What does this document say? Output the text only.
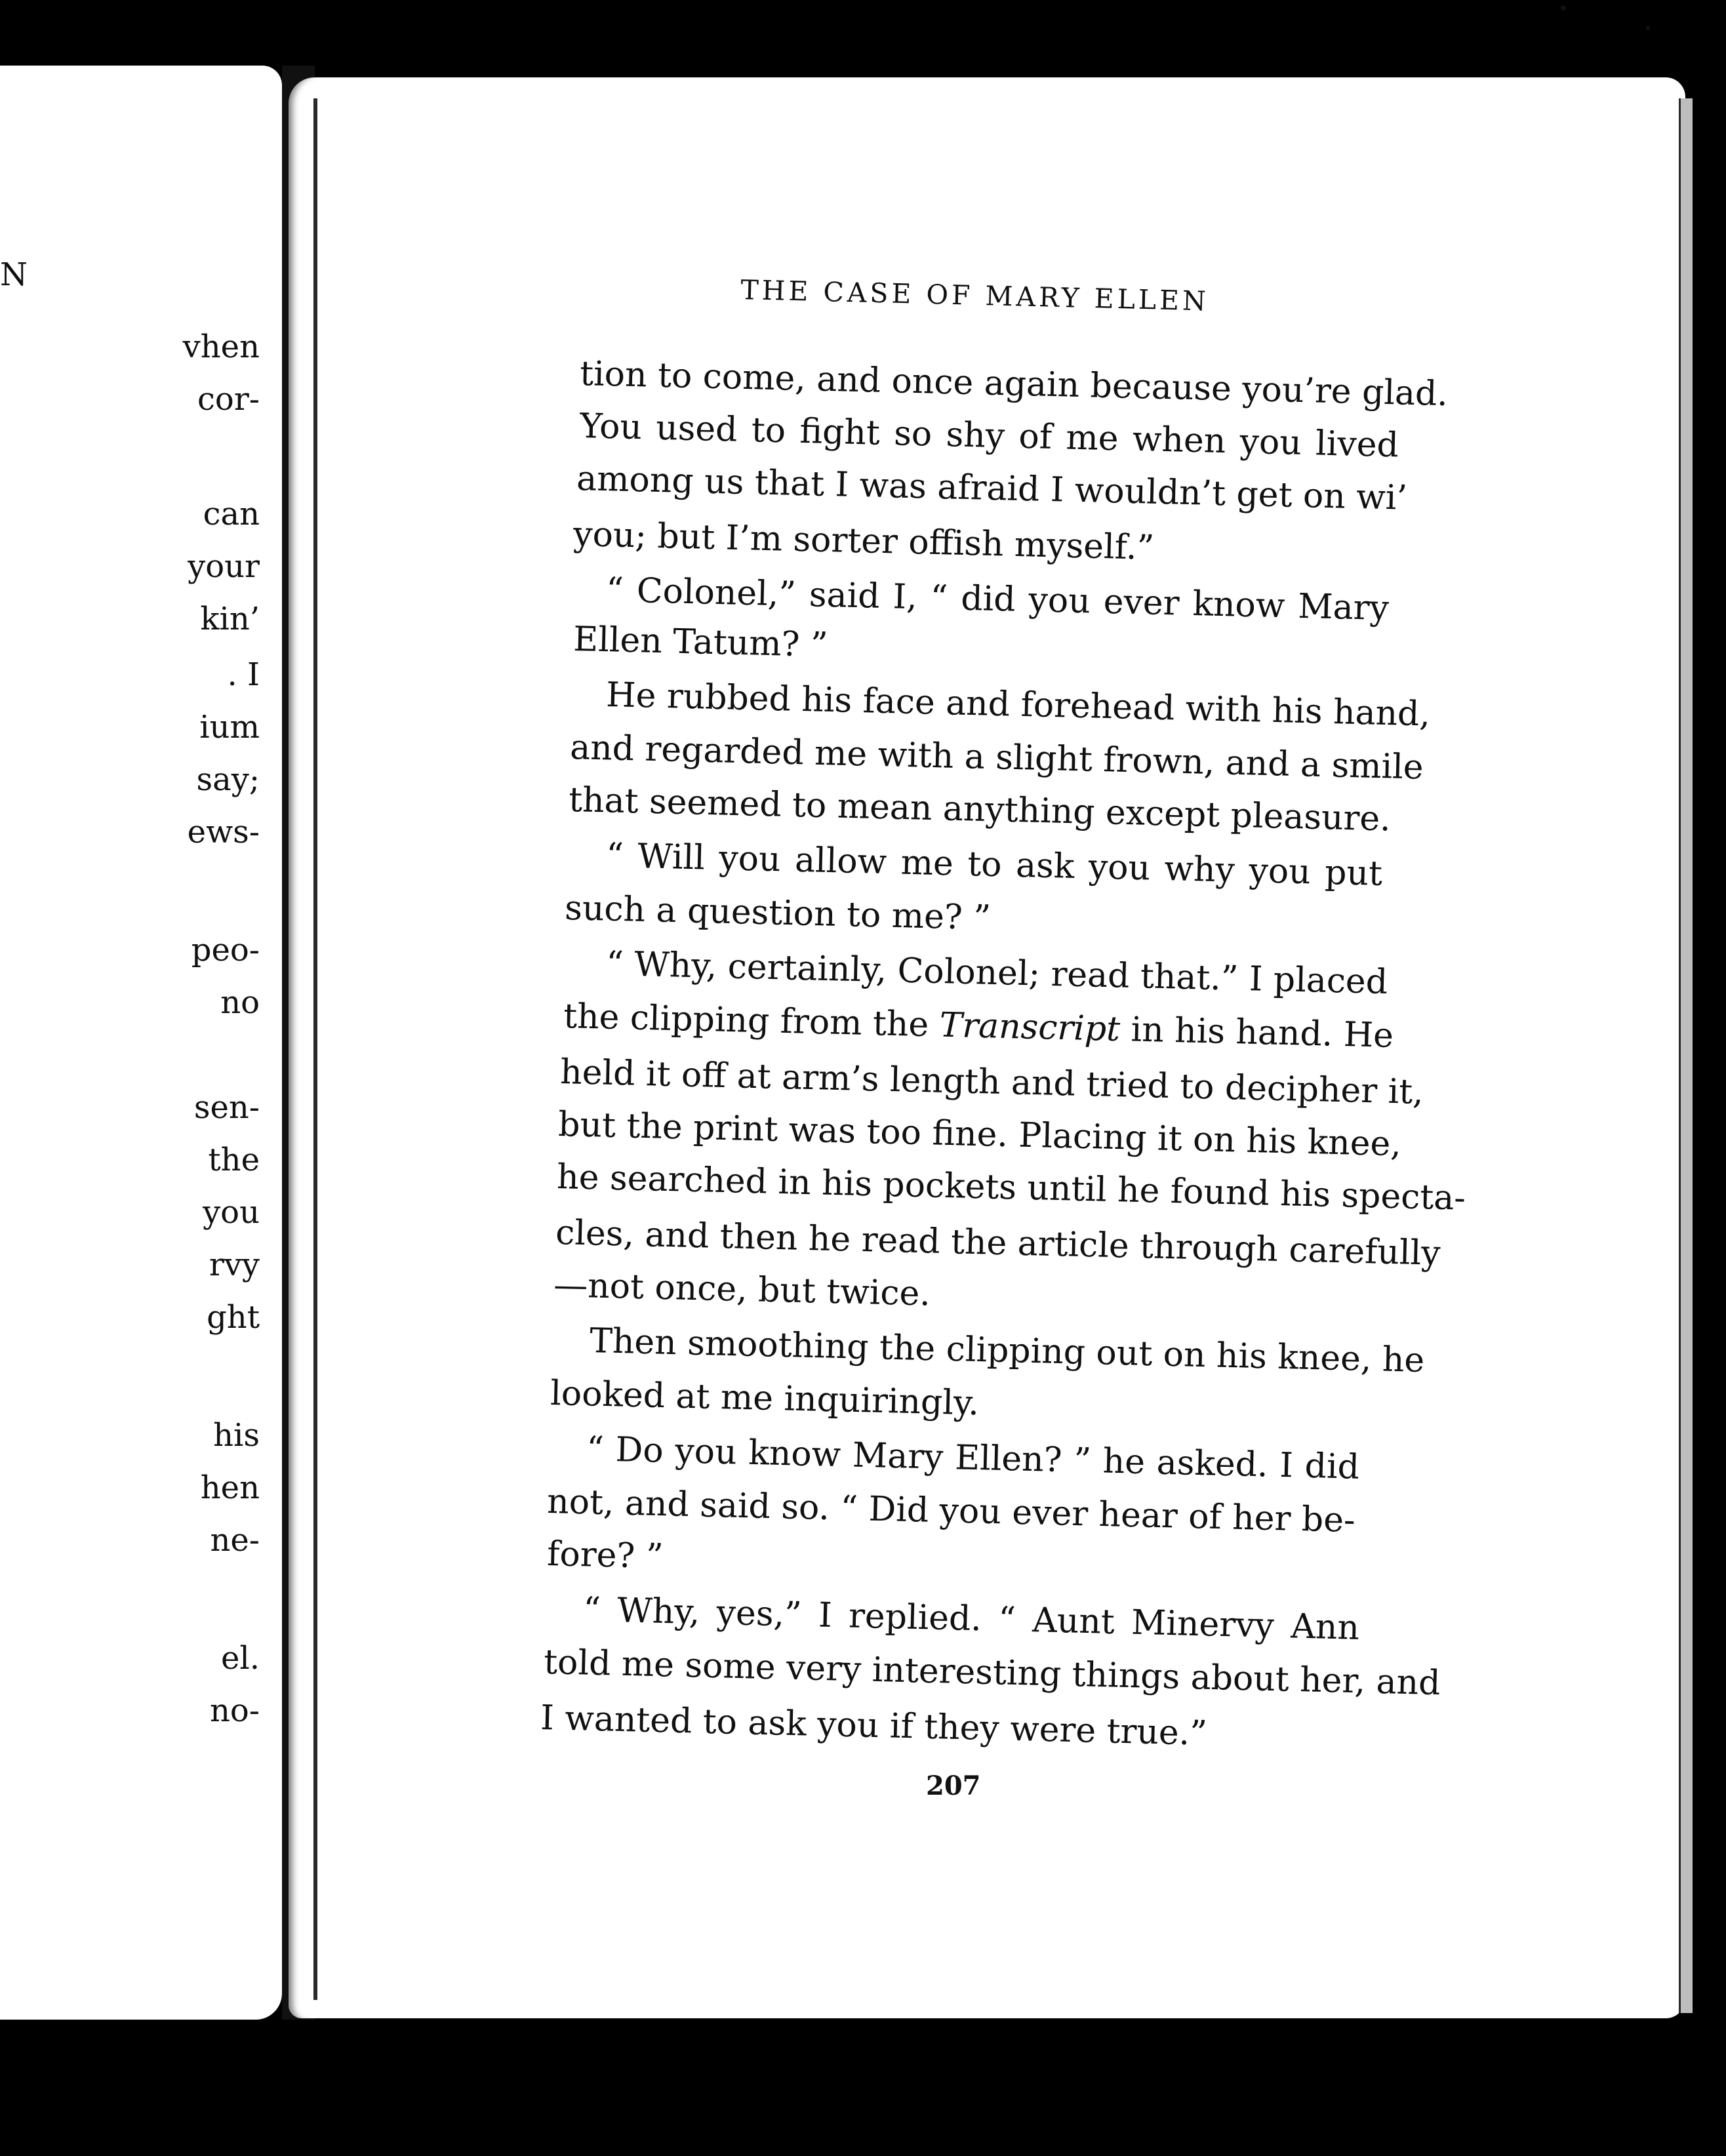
N
vhen
cor-
can
your
kin’
. I
ium
say;
ews-
peo-
no
sen-
the
you
rvy
ght
his
hen
ne-
el.
no-
THE CASE OF MARY ELLEN
tion to come, and once again because you’re glad.
You used to fight so shy of me when you lived
among us that I was afraid I wouldn’t get on wi’
you; but I’m sorter offish myself.”
“ Colonel,” said I, “ did you ever know Mary
Ellen Tatum? ”
He rubbed his face and forehead with his hand,
and regarded me with a slight frown, and a smile
that seemed to mean anything except pleasure.
“ Will you allow me to ask you why you put
such a question to me? ”
“ Why, certainly, Colonel; read that.” I placed
the clipping from the Transcript in his hand. He
held it off at arm’s length and tried to decipher it,
but the print was too fine. Placing it on his knee,
he searched in his pockets until he found his specta-
cles, and then he read the article through carefully
—not once, but twice.
Then smoothing the clipping out on his knee, he
looked at me inquiringly.
“ Do you know Mary Ellen? ” he asked. I did
not, and said so. “ Did you ever hear of her be-
fore? ”
“ Why, yes,” I replied. “ Aunt Minervy Ann
told me some very interesting things about her, and
I wanted to ask you if they were true.”
207
